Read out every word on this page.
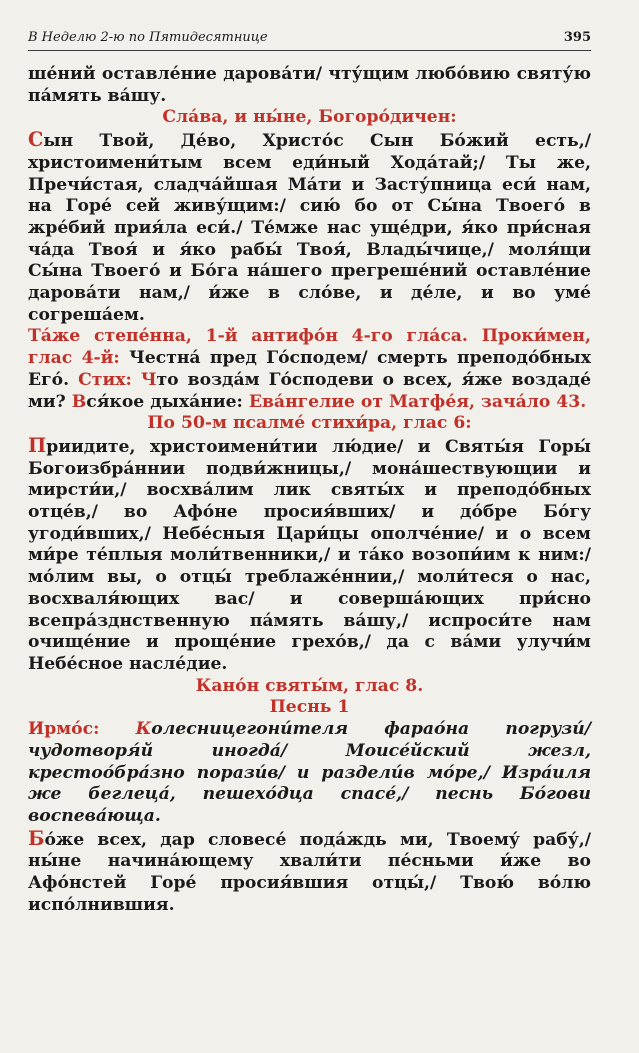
В Неделю 2-ю по Пятидесятнице	395

ше́ний оставле́ние дарова́ти/ чту́щим любо́вию святу́ю па́мять ва́шу.

Сла́ва, и ны́не, Богоро́дичен:

Сын Твой, Де́во, Христо́с Сын Бо́жий есть,/ христоимени́тым всем еди́ный Хода́тай;/ Ты же, Пречи́стая, сладча́йшая Ма́ти и Засту́пница еси́ нам, на Горе́ сей живу́щим:/ сию́ бо от Сы́на Твоего́ в жре́бий прия́ла еси́./ Те́мже нас уще́дри, я́ко при́сная ча́да Твоя́ и я́ко рабы́ Твоя́, Влады́чице,/ моля́щи Сы́на Твоего́ и Бо́га на́шего прегреше́ний оставле́ние дарова́ти нам,/ и́же в сло́ве, и де́ле, и во уме́ согреша́ем.

Та́же степе́нна, 1-й антифо́н 4-го гла́са. Проки́мен, глас 4-й: Честна́ пред Го́сподем/ смерть преподо́бных Его́. Стих: Что возда́м Го́сподеви о всех, я́же воздаде́ ми? Вся́кое дыха́ние: Ева́нгелие от Матфе́я, зача́ло 43.

По 50-м псалме́ стихи́ра, глас 6:

Приидите, христоимени́тии лю́дие/ и Святы́я Горы́ Богоизбра́ннии подви́жницы,/ мона́шествующии и мирсти́и,/ восхва́лим лик святы́х и преподо́бных отце́в,/ во Афо́не просия́вших/ и до́бре Бо́гу угоди́вших,/ Небе́сныя Цари́цы ополче́ние/ и о всем ми́ре те́плыя моли́твенники,/ и та́ко возопи́им к ним:/ мо́лим вы, о отцы́ треблаже́ннии,/ моли́теся о нас, восхваля́ющих вас/ и соверша́ющих при́сно всепра́зднственную па́мять ва́шу,/ испроси́те нам очище́ние и проще́ние грехо́в,/ да с ва́ми улучи́м Небе́сное насле́дие.

Кано́н святы́м, глас 8.

Песнь 1

Ирмо́с: Колесницегони́теля фарао́на погрузи́/ чудотворя́й иногда́/ Моисе́йский жезл, крестоо́бра́зно порази́в/ и раздели́в мо́ре,/ Изра́иля же беглеца́, пешехо́дца спасе́,/ песнь Бо́гови воспева́юща.

Бо́же всех, дар словесе́ пода́ждь ми, Твоему́ рабу́,/ ны́не начина́ющему хвали́ти пе́сньми и́же во Афо́нстей Горе́ просия́вшия отцы́,/ Твою́ во́лю испо́лнившия.
